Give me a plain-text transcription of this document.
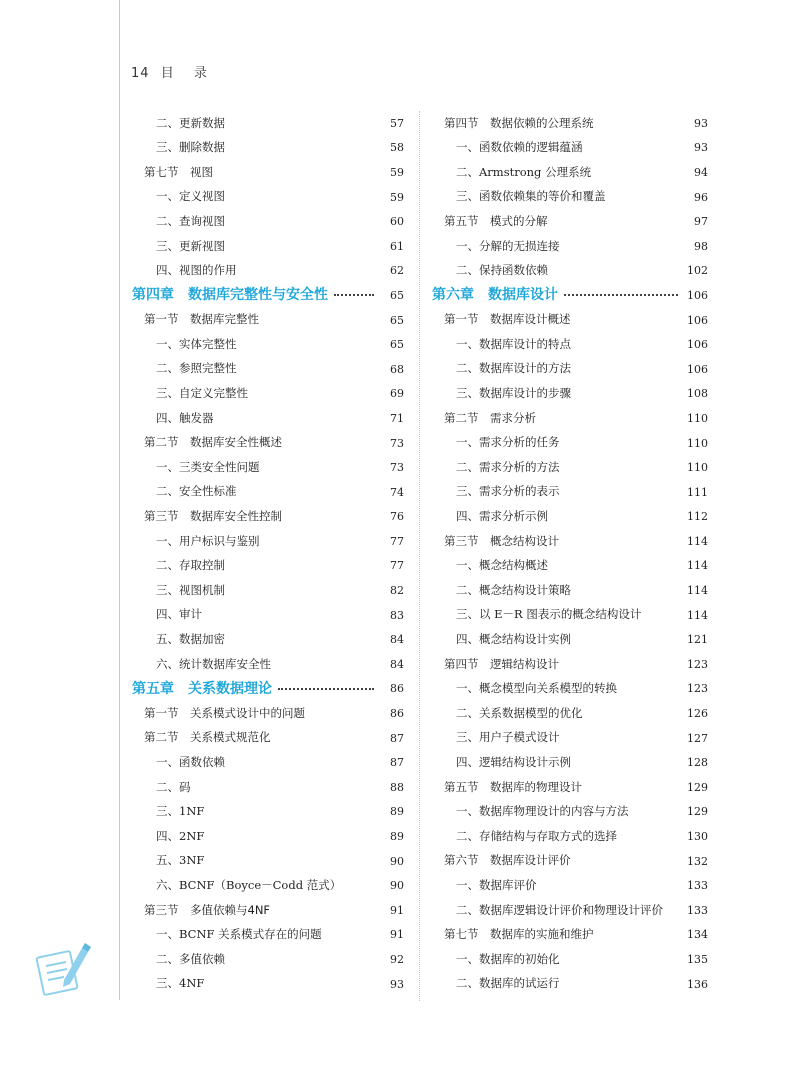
14 目 录
二、更新数据	57
三、删除数据	58
第七节　视图	59
一、定义视图	59
二、查询视图	60
三、更新视图	61
四、视图的作用	62
第四章　数据库完整性与安全性	65
第一节　数据库完整性	65
一、实体完整性	65
二、参照完整性	68
三、自定义完整性	69
四、触发器	71
第二节　数据库安全性概述	73
一、三类安全性问题	73
二、安全性标准	74
第三节　数据库安全性控制	76
一、用户标识与鉴别	77
二、存取控制	77
三、视图机制	82
四、审计	83
五、数据加密	84
六、统计数据库安全性	84
第五章　关系数据理论	86
第一节　关系模式设计中的问题	86
第二节　关系模式规范化	87
一、函数依赖	87
二、码	88
三、1NF	89
四、2NF	89
五、3NF	90
六、BCNF（Boyce－Codd 范式）	90
第三节　多值依赖与4NF	91
一、BCNF 关系模式存在的问题	91
二、多值依赖	92
三、4NF	93
第四节　数据依赖的公理系统	93
一、函数依赖的逻辑蕴涵	93
二、Armstrong 公理系统	94
三、函数依赖集的等价和覆盖	96
第五节　模式的分解	97
一、分解的无损连接	98
二、保持函数依赖	102
第六章　数据库设计	106
第一节　数据库设计概述	106
一、数据库设计的特点	106
二、数据库设计的方法	106
三、数据库设计的步骤	108
第二节　需求分析	110
一、需求分析的任务	110
二、需求分析的方法	110
三、需求分析的表示	111
四、需求分析示例	112
第三节　概念结构设计	114
一、概念结构概述	114
二、概念结构设计策略	114
三、以 E－R 图表示的概念结构设计	114
四、概念结构设计实例	121
第四节　逻辑结构设计	123
一、概念模型向关系模型的转换	123
二、关系数据模型的优化	126
三、用户子模式设计	127
四、逻辑结构设计示例	128
第五节　数据库的物理设计	129
一、数据库物理设计的内容与方法	129
二、存储结构与存取方式的选择	130
第六节　数据库设计评价	132
一、数据库评价	133
二、数据库逻辑设计评价和物理设计评价 133
第七节　数据库的实施和维护	134
一、数据库的初始化	135
二、数据库的试运行	136
